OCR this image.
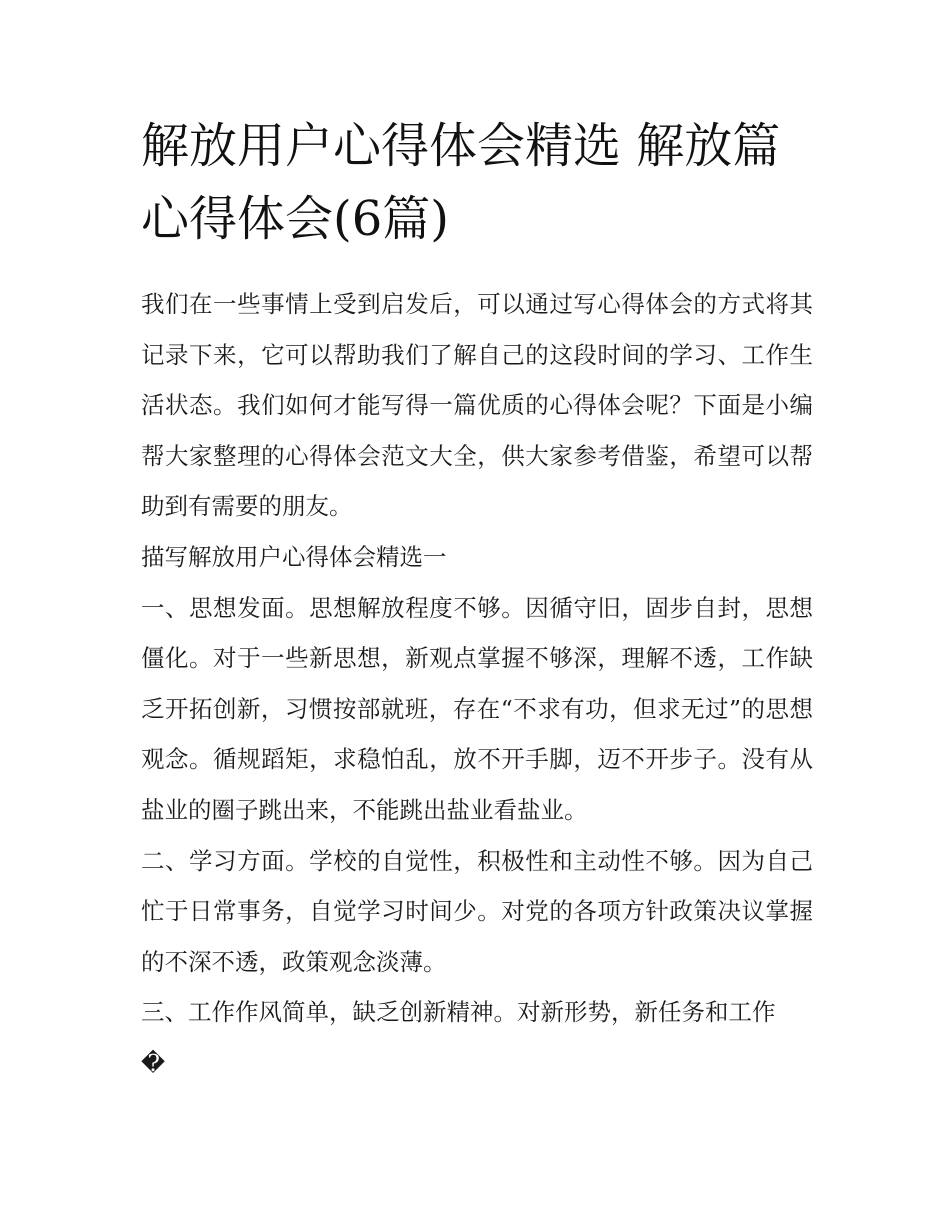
解放用户心得体会精选 解放篇心得体会(6篇)

我们在一些事情上受到启发后，可以通过写心得体会的方式将其记录下来，它可以帮助我们了解自己的这段时间的学习、工作生活状态。我们如何才能写得一篇优质的心得体会呢？下面是小编帮大家整理的心得体会范文大全，供大家参考借鉴，希望可以帮助到有需要的朋友。

描写解放用户心得体会精选一

一、思想发面。思想解放程度不够。因循守旧，固步自封，思想僵化。对于一些新思想，新观点掌握不够深，理解不透，工作缺乏开拓创新，习惯按部就班，存在“不求有功，但求无过”的思想观念。循规蹈矩，求稳怕乱，放不开手脚，迈不开步子。没有从盐业的圈子跳出来，不能跳出盐业看盐业。

二、学习方面。学校的自觉性，积极性和主动性不够。因为自己忙于日常事务，自觉学习时间少。对党的各项方针政策决议掌握的不深不透，政策观念淡薄。

三、工作作风简单，缺乏创新精神。对新形势，新任务和工作

�
